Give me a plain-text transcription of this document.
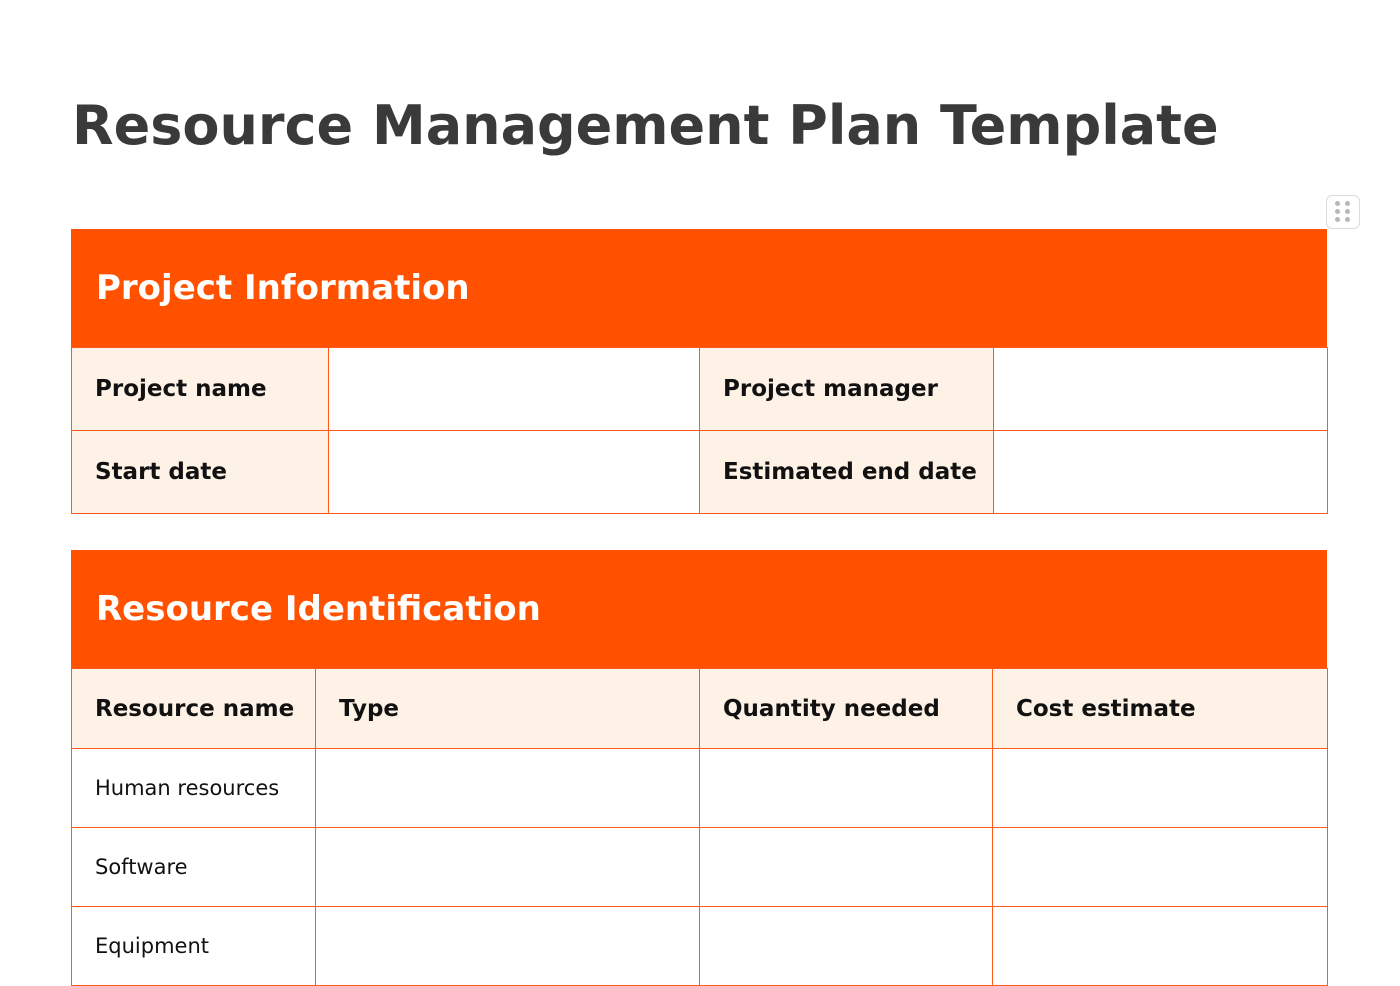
Resource Management Plan Template
Project Information
Project name		Project manager	
Start date		Estimated end date	
Resource Identification
Resource name	Type	Quantity needed	Cost estimate
Human resources			
Software			
Equipment			
